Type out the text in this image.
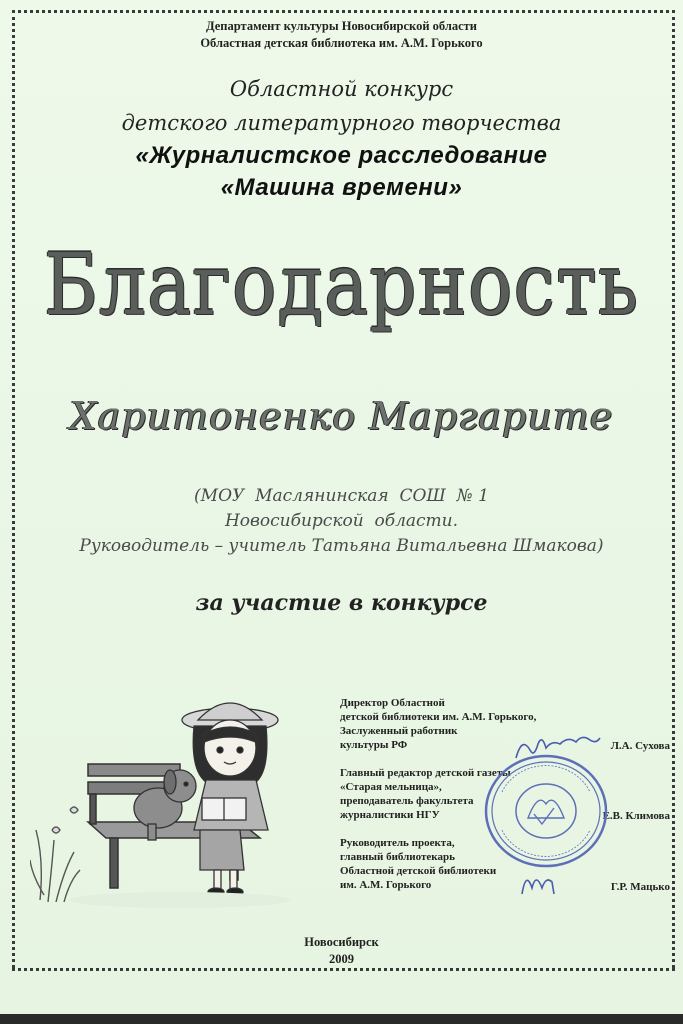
Департамент культуры Новосибирской области
Областная детская библиотека им. А.М. Горького
Областной конкурс
детского литературного творчества
«Журналистское расследование
«Машина времени»
Благодарность
Харитоненко Маргарите
(МОУ  Маслянинская  СОШ  № 1
Новосибирской  области.
Руководитель – учитель Татьяна Витальевна Шмакова)
за участие в конкурсе
Директор Областной
детской библиотеки им. А.М. Горького,
Заслуженный работник
культуры РФ	Л.А. Сухова
Главный редактор детской газеты
«Старая мельница»,
преподаватель факультета
журналистики НГУ	Е.В. Климова
Руководитель проекта,
главный библиотекарь
Областной детской библиотеки
им. А.М. Горького	Г.Р. Мацько
Новосибирск
2009
